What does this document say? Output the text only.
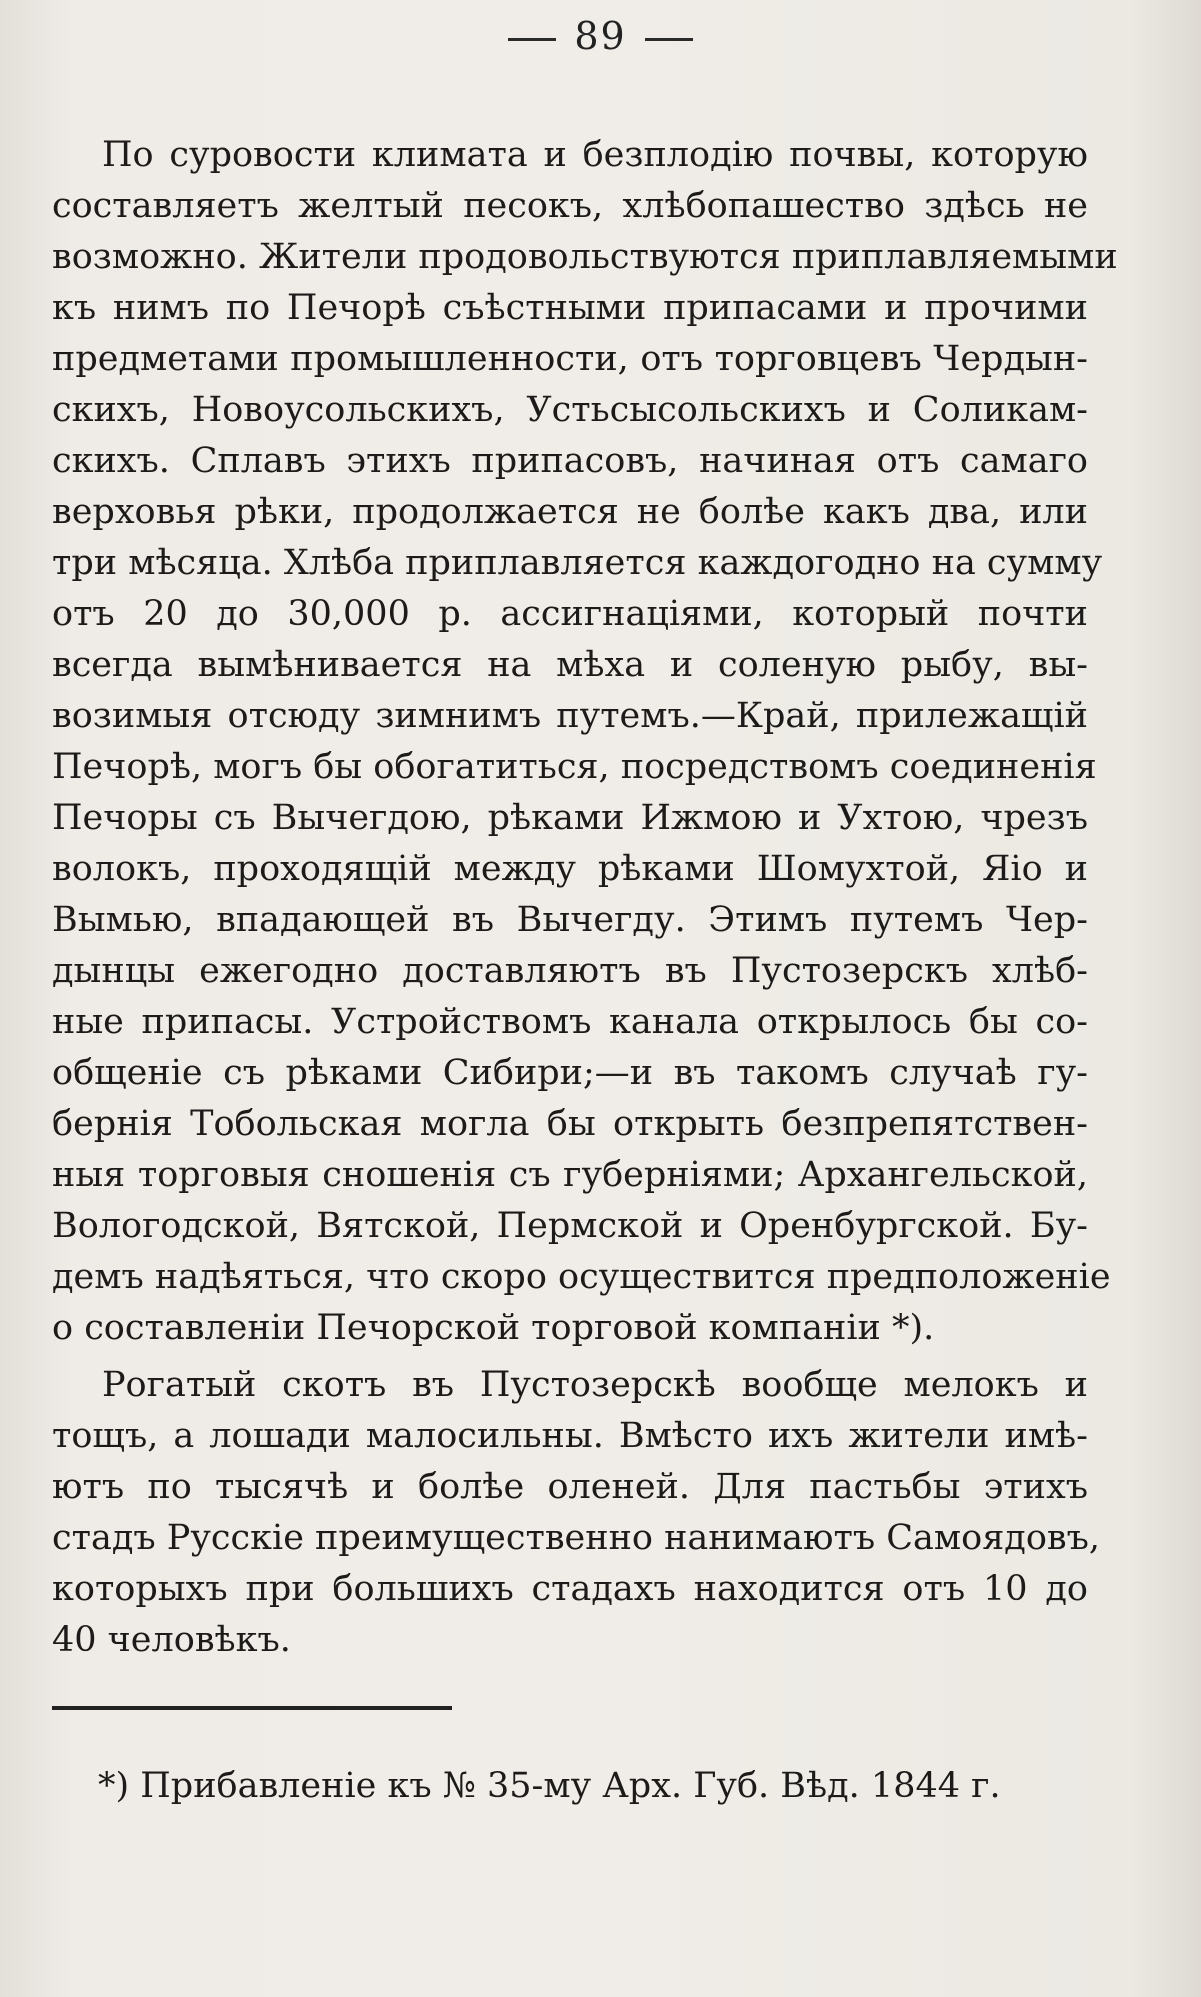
89
По суровости климата и безплодію почвы, которую
составляетъ желтый песокъ, хлѣбопашество здѣсь не
возможно. Жители продовольствуются приплавляемыми
къ нимъ по Печорѣ съѣстными припасами и прочими
предметами промышленности, отъ торговцевъ Чердын-
скихъ, Новоусольскихъ, Устьсысольскихъ и Соликам-
скихъ. Сплавъ этихъ припасовъ, начиная отъ самаго
верховья рѣки, продолжается не болѣе какъ два, или
три мѣсяца. Хлѣба приплавляется каждогодно на сумму
отъ 20 до 30,000 р. ассигнаціями, который почти
всегда вымѣнивается на мѣха и соленую рыбу, вы-
возимыя отсюду зимнимъ путемъ.—Край, прилежащій
Печорѣ, могъ бы обогатиться, посредствомъ соединенія
Печоры съ Вычегдою, рѣками Ижмою и Ухтою, чрезъ
волокъ, проходящій между рѣками Шомухтой, Яіо и
Вымью, впадающей въ Вычегду. Этимъ путемъ Чер-
дынцы ежегодно доставляютъ въ Пустозерскъ хлѣб-
ные припасы. Устройствомъ канала открылось бы со-
общеніе съ рѣками Сибири;—и въ такомъ случаѣ гу-
бернія Тобольская могла бы открыть безпрепятствен-
ныя торговыя сношенія съ губерніями; Архангельской,
Вологодской, Вятской, Пермской и Оренбургской. Бу-
демъ надѣяться, что скоро осуществится предположеніе
о составленіи Печорской торговой компаніи *).
Рогатый скотъ въ Пустозерскѣ вообще мелокъ и
тощъ, а лошади малосильны. Вмѣсто ихъ жители имѣ-
ютъ по тысячѣ и болѣе оленей. Для пастьбы этихъ
стадъ Русскіе преимущественно нанимаютъ Самоядовъ,
которыхъ при большихъ стадахъ находится отъ 10 до
40 человѣкъ.
*) Прибавленіе къ № 35-му Арх. Губ. Вѣд. 1844 г.
